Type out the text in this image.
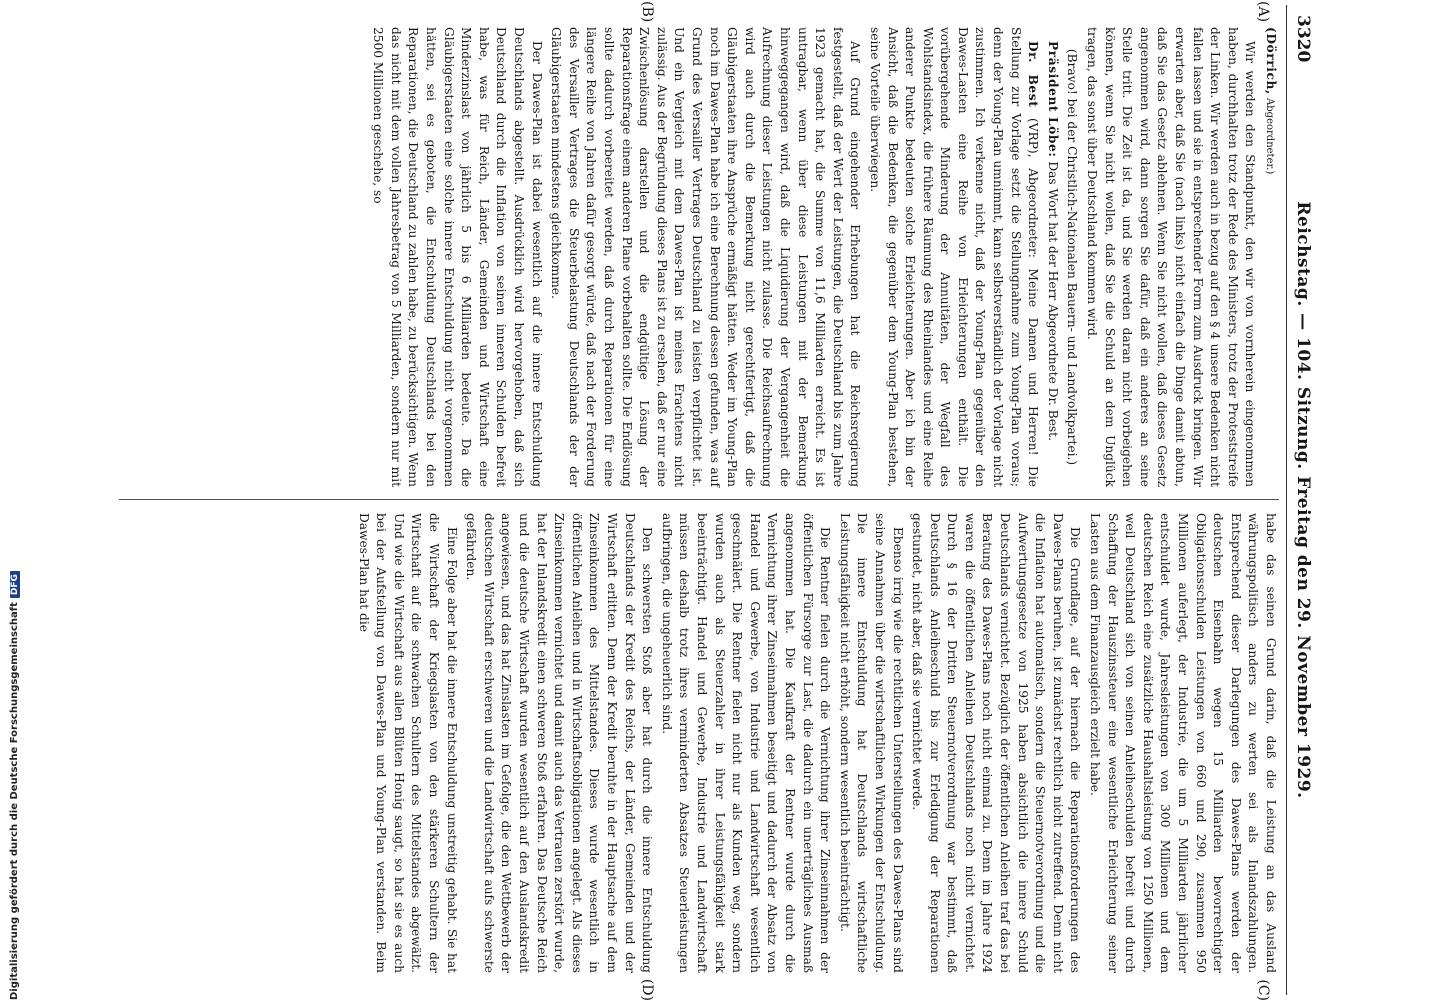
3320
Reichstag. — 104. Sitzung. Freitag den 29. November 1929.
(A)
(B)
(C)
(D)

(Dörrich, Abgeordneter.)

Wir werden den Standpunkt, den wir von vornherein eingenommen haben, durchhalten trotz der Rede des Ministers, trotz der Proteststreife der Linken. Wir werden auch in bezug auf den § 4 unsere Bedenken nicht fallen lassen und sie in entsprechender Form zum Ausdruck bringen. Wir erwarten aber, daß Sie (nach links) nicht einfach die Dinge damit abtun, daß Sie das Gesetz ablehnen. Wenn Sie nicht wollen, daß dieses Gesetz angenommen wird, dann sorgen Sie dafür, daß ein anderes an seine Stelle tritt. Die Zeit ist da, und Sie werden daran nicht vorbeigehen können, wenn Sie nicht wollen, daß Sie die Schuld an dem Unglück tragen, das sonst über Deutschland kommen wird.

(Bravo! bei der Christlich-Nationalen Bauern- und Landvolkpartei.)

Präsident Löbe: Das Wort hat der Herr Abgeordnete Dr. Best.

Dr. Best (VRP), Abgeordneter: Meine Damen und Herren! Die Stellung zur Vorlage setzt die Stellungnahme zum Young-Plan voraus; denn der Young-Plan umnimmt, kann selbstverständlich der Vorlage nicht zustimmen. Ich verkenne nicht, daß der Young-Plan gegenüber den Dawes-Lasten eine Reihe von Erleichterungen enthält. Die vorübergehende Minderung der Annuitäten, der Wegfall des Wohlstandsindex, die frühere Räumung des Rheinlandes und eine Reihe anderer Punkte bedeuten solche Erleichterungen. Aber ich bin der Ansicht, daß die Bedenken, die gegenüber dem Young-Plan bestehen, seine Vorteile überwiegen.

Auf Grund eingehender Erhebungen hat die Reichsregierung festgestellt, daß der Wert der Leistungen, die Deutschland bis zum Jahre 1923 gemacht hat, die Summe von 11,6 Milliarden erreicht. Es ist untragbar, wenn über diese Leistungen mit der Bemerkung hinweggegangen wird, daß die Liquidierung der Vergangenheit die Aufrechnung dieser Leistungen nicht zulasse. Die Reichsaufrechnung wird auch durch die Bemerkung nicht gerechtfertigt, daß die Gläubigerstaaten ihre Ansprüche ermäßigt hätten. Weder im Young-Plan noch im Dawes-Plan habe ich eine Berechnung dessen gefunden, was auf Grund des Versailler Vertrages Deutschland zu leisten verpflichtet ist. Und ein Vergleich mit dem Dawes-Plan ist meines Erachtens nicht zulässig. Aus der Begründung dieses Plans ist zu ersehen, daß er nur eine Zwischenlösung darstellen und die endgültige Lösung der Reparationsfrage einem anderen Plane vorbehalten sollte. Die Endlösung sollte dadurch vorbereitet werden, daß durch Reparationen für eine längere Reihe von Jahren dafür gesorgt würde, daß nach der Forderung des Versailler Vertrages die Steuerbelastung Deutschlands der der Gläubigerstaaten mindestens gleichkomme.

Der Dawes-Plan ist dabei wesentlich auf die innere Entschuldung Deutschlands abgestellt. Ausdrücklich wird hervorgehoben, daß sich Deutschland durch die Inflation von seinen inneren Schulden befreit habe, was für Reich, Länder, Gemeinden und Wirtschaft eine Minderzinslast von jährlich 5 bis 6 Milliarden bedeute. Da die Gläubigerstaaten eine solche innere Entschuldung nicht vorgenommen hätten, sei es geboten, die Entschuldung Deutschlands bei den Reparationen, die Deutschland zu zahlen habe, zu berücksichtigen. Wenn das nicht mit dem vollen Jahresbetrag von 5 Milliarden, sondern nur mit 2500 Millionen geschehe, so

habe das seinen Grund darin, daß die Leistung an das Ausland währungspolitisch anders zu werten sei als Inlandszahlungen. Entsprechend dieser Darlegungen des Dawes-Plans werden der deutschen Eisenbahn wegen 15 Milliarden bevorrechtigter Obligationsschulden Leistungen von 660 und 290, zusammen 950 Millionen auferlegt, der Industrie, die um 5 Milliarden jährlicher entschuldet wurde, Jahresleistungen von 300 Millionen und dem deutschen Reich eine zusätzliche Haushaltsleistung von 1250 Millionen, weil Deutschland sich von seinen Anleiheschulden befreit und durch Schaffung der Hauszinssteuer eine wesentliche Erleichterung seiner Lasten aus dem Finanzausgleich erzielt habe.

Die Grundlage, auf der hiernach die Reparationsforderungen des Dawes-Plans beruhen, ist zunächst rechtlich nicht zutreffend. Denn nicht die Inflation hat automatisch, sondern die Steuernotverordnung und die Aufwertungsgesetze von 1925 haben absichtlich die innere Schuld Deutschlands vernichtet. Bezüglich der öffentlichen Anleihen traf das bei Beratung des Dawes-Plans noch nicht einmal zu. Denn im Jahre 1924 waren die öffentlichen Anleihen Deutschlands noch nicht vernichtet. Durch § 16 der Dritten Steuernotverordnung war bestimmt, daß Deutschlands Anleiheschuld bis zur Erledigung der Reparationen gestundet, nicht aber, daß sie vernichtet werde.

Ebenso irrig wie die rechtlichen Unterstellungen des Dawes-Plans sind seine Annahmen über die wirtschaftlichen Wirkungen der Entschuldung. Die innere Entschuldung hat Deutschlands wirtschaftliche Leistungsfähigkeit nicht erhöht, sondern wesentlich beeinträchtigt.

Die Rentner fielen durch die Vernichtung ihrer Zinseinnahmen der öffentlichen Fürsorge zur Last, die dadurch ein unerträgliches Ausmaß angenommen hat. Die Kaufkraft der Rentner wurde durch die Vernichtung ihrer Zinseinnahmen beseitigt und dadurch der Absatz von Handel und Gewerbe, von Industrie und Landwirtschaft wesentlich geschmälert. Die Rentner fielen nicht nur als Kunden weg, sondern wurden auch als Steuerzahler in ihrer Leistungsfähigkeit stark beeinträchtigt. Handel und Gewerbe, Industrie und Landwirtschaft müssen deshalb trotz ihres verminderten Absatzes Steuerleistungen aufbringen, die ungeheuerlich sind.

Den schwersten Stoß aber hat durch die innere Entschuldung Deutschlands der Kredit des Reichs, der Länder, Gemeinden und der Wirtschaft erlitten. Denn der Kredit beruhte in der Hauptsache auf dem Zinseinkommen des Mittelstandes. Dieses wurde wesentlich in öffentlichen Anleihen und in Wirtschaftsobligationen angelegt. Als dieses Zinseinkommen vernichtet und damit auch das Vertrauen zerstört wurde, hat der Inlandskredit einen schweren Stoß erfahren. Das Deutsche Reich und die deutsche Wirtschaft wurden wesentlich auf den Auslandskredit angewiesen, und das hat Zinslasten im Gefolge, die den Wettbewerb der deutschen Wirtschaft erschweren und die Landwirtschaft aufs schwerste gefährden.

Eine Folge aber hat die innere Entschuldung unstreitig gehabt. Sie hat die Wirtschaft der Kriegslasten von den stärkeren Schultern der Wirtschaft auf die schwachen Schultern des Mittelstandes abgewälzt. Und wie die Wirtschaft aus allen Blüten Honig saugt, so hat sie es auch bei der Aufstellung von Dawes-Plan und Young-Plan verstanden. Beim Dawes-Plan hat die

Digitalisierung gefördert durch die Deutsche Forschungsgemeinschaft
DFG
